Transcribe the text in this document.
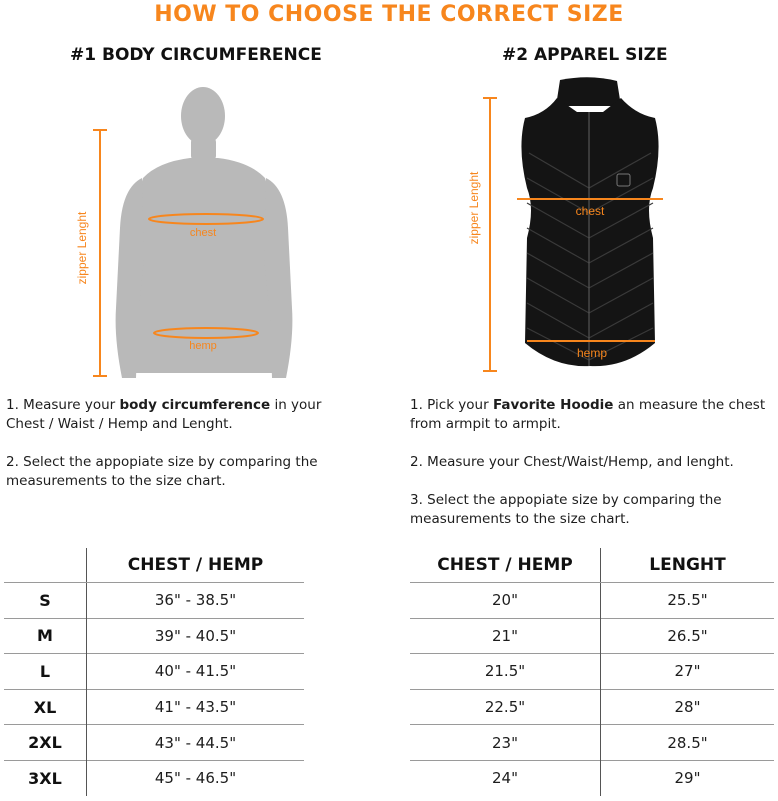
HOW TO CHOOSE THE CORRECT SIZE
#1 BODY CIRCUMFERENCE	#2 APPAREL SIZE
zipper Lenght	chest
hemp
zipper Lenght	chest
hemp

1. Measure your body circumference in your Chest / Waist / Hemp and Lenght.

2. Select the appopiate size by comparing the measurements to the size chart.

1. Pick your Favorite Hoodie an measure the chest from armpit to armpit.

2. Measure your Chest/Waist/Hemp, and lenght.

3. Select the appopiate size by comparing the measurements to the size chart.

	CHEST / HEMP
S	36" - 38.5"
M	39" - 40.5"
L	40" - 41.5"
XL	41" - 43.5"
2XL	43" - 44.5"
3XL	45" - 46.5"
CHEST / HEMP	LENGHT
20"	25.5"
21"	26.5"
21.5"	27"
22.5"	28"
23"	28.5"
24"	29"
